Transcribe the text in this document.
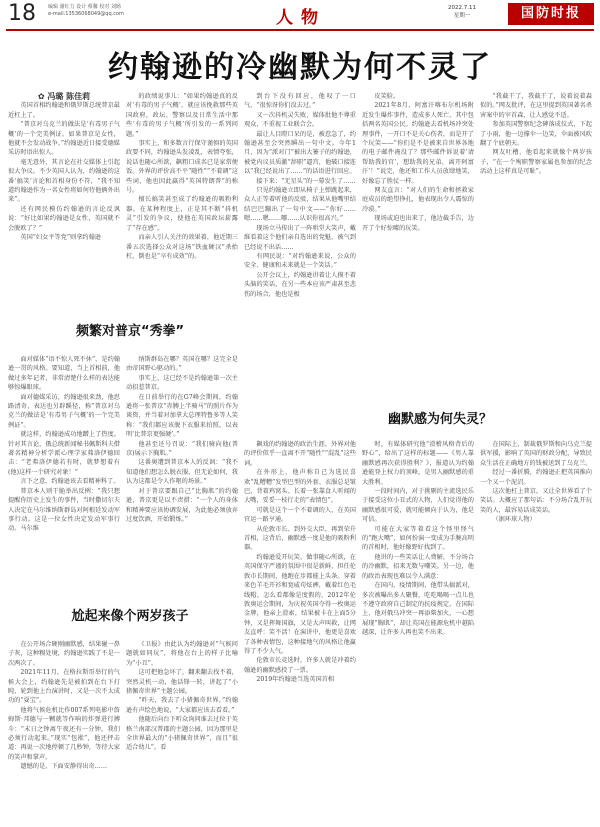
18 编辑 谢红力 设计 蔡馨 校对 刘旸
e-mail:13536068049@qq.com	人物	2022.7.11
星期一	国防时报
约翰逊的冷幽默为何不灵了

✿ 冯璐 陈佳莉

英国首相约翰逊和俄罗斯总统普京最近杠上了。

“普京对乌克兰的做法是‘有毒男子气概’的一个完美例证。如果普京是女性，他就不会发动战争。”约翰逊近日接受德媒采访时语出惊人。

毫无意外，其言论在社交媒体上引起很大争议。不少英国人认为，约翰逊的这番‘搞笑’言论和首相身份不符，“我不知道约翰逊作为一名女性将如何待他俩外出来”。

还有网民模仿约翰逊的言论反讽说：“好比如果约翰逊是女性，英国就不会脱欧了？”

英国“妇女平等党”则拿约翰逊

面对媒体“语不惊人死不休”，是约翰逊一贯的风格。要知道，当上首相前，他做过多年记者，非常清楚什么样的表达能够惊爆眼球。

面对德媒采访，约翰逊很来劲，他思路清奇，表达也另辟蹊径，称“普京对乌克兰的做法是‘有毒男子气概’的一个完美例证”。

就这样，约翰逊成功地蹭上了热度。针对其言论，俄总统新闻秘书佩斯科夫借著名精神分析学派心理学家弗洛伊德回击：“老弗洛伊德若有时，就梦想着有(他)这样一个研究对象！”

言下之意，约翰逊该去看精神科了。

普京本人则干脆举出反例：“我只想提醒你历史上发生的事件，当时撒切尔夫人决定在马尔维纳斯群岛对阿根廷发动军事行动。这是一位女性决定发动军事行动。马尔维

在公开场合硬刚幽默感，结果碰一鼻子灰，这种糗处境，约翰逊实践了不是一次两次了。

2021年11月，在格拉斯哥举行的气候大会上，约翰逊先是被拍到在台下打盹，轮到他上台演讲时，又是一次不太成功的“耍宝”。

他将气候危机比作007系列电影中詹姆斯·邦德与一颗就等作响的炸弹进行搏斗：“末日之钟离午夜还有一分钟，我们必须行动起来。”现实“包袱”，他还抨击道：再说一次地停顿了几秒钟，等待大家的笑声和掌声。

遗憾的是，下面安静得出奇……

的政绩说事儿：“如果约翰逊真的反对‘有毒的男子气概’，就应该挽救那些英国政府，政坛、警察以及日常生活中那些‘有毒的男子气概’所引发的一系列问题。”

事实上，和多数言行保守谨慎的英国政要不同，约翰逊头发凌乱，表情夸张，说话也随心所欲，飙粗口成名已是家常便饭。外界的评价高不平“随性”“不着调”这些词，他也因此赢得“英国特朗普”的称号。

擅长搞笑甚至成了约翰逊的吸粉利器。在某种程度上，正是其不断“抖机灵”引发的争议，使他在英国政坛崭露了“存在感”。

而亲人引人关注的效果着，他近期三番五次选择公众对这场“铁血硬汉”杀抬杠，倒也是“卒有成效”的。

纳斯群岛在哪？英国在哪？这完全是由帝国野心驱动的。”

事实上，这已经不是约翰逊第一次主动招惹普京。

在日前举行的在G7峰会期间，约翰逊将一张普京“赤膊上半骑马”的照片作为谈资，并当着对加拿大总理特鲁多等人笑称：“我们都应该脱下衣服来拍照，以表明‘比普京更强硬’。”

他甚至还号召说：“我们骑向他(普京)展示下胸肌。”

这番奥遭到普京本人的反讽：“我不知道他们想怎么脱衣服，但无论如何，我认为这都是令人作呕的场景。”

对于普京要跟自己“比胸肌”的约翰逊，普京更是以不责措：“一个人的身体和精神要应该协调发展，为此他必须放弃过度饮酒，开始锻炼。”

《卫报》由此认为约翰逊对“气候问题就如同玩”，将他在台上的样子比喻为“小丑”。

这可把他急坏了，翻来翻去找不着，突然灵机一动，他话锋一转，讲起了“小猪佩奇世界”主题公园。

“昨天，我去了小猪佩奇世界，”约翰逊有声绘色地说，“大家都应该去看看。”

他随后向台下听众询问谁去过位于英格兰南部汉普郡的主题公园，因为那里是全世界最大的“小猪佩奇世界”，而且“很适合幼儿”。看

到台下没有回应，他叹了一口气，“很惊讶你们没去过。”

又一次抖机灵失败，媒体批他不尊重观众，不重视工业联合会。

最让人目瞪口呆的是，被惹急了，约翰逊甚至会突然瞬出一句中文。今年1月，因为“派对门”被出大篓子的约翰逊，被党内议员质激“辞职”逼宫，他破口接连以“我已经说出了……”的话语进行回应。

接下来：“无星头”的一幕发生了……

只见约翰逊立即从椅子上弹跳起来，众人正等着听他的反驳，结果从他嘴里结结巴巴蹦出了一句中文——“你好……嗯……嗯……哪……认识你很高兴。”

现场立马传出了一阵哄堂大笑声，戴维看着这个他们亲自选出的党魁，被气到已经说不出话……

有网民说：“对约翰逊来说，公众的安全、健康和未来就是一个笑话。”

公开会议上，约翰逊讲着让人摸不着头脑的笑话，在另一些本应该严肃甚至悲伤的场合，他也是极

飙戏的约翰逊的政治生涯，外界对他的评价似乎一直离不开“随性”“混乱”这些词。

在外形上，他声称自己为选民喜欢“乱糟糟”发型巴型的外套、衣服总是皱巴，背着鸡窝头、长着一张靠食人听闻的大嘴，妥妥一枝行走的“表情包”。

可就是这个一个不着调的人，在英国官运一路亨通。

从伦敦市长、到外交大臣，再到荣升首相，这背后，幽默感一度是他的吸粉利器。

约翰逊爱开玩笑、做事随心所欲，在英国保守严谨的氛围中很是新鲜，担任伦敦市长期间，他跑在步都能上头条。穿着来色羊毛开衫和宽威苟炫裤，戴着红色毛线帽，怎么看都像是度假的，2012年伦敦奥运会期间，为庆祝英国夺得一枚奥运金牌，他亲上滑索，结果被卡在上面5分钟，又是挥舞国旗，又是大声叫救，让网友直呼：笑不活！在演讲中，他更是喜欢了各种表情包，这种接地气的风格让他赢得了不少人气。

伦敦市长竞选时，许多人就是冲着约翰逊的幽默感投了一票。

2019年约翰逊当选英国首相

皮笑脸。

2021年8月，阿富汗喀布尔机场附近发生爆炸事件，造成多人死亡，其中包括两名英国公民。约翰逊去看机场冲突处理事件，一开口不是关心伤者，而是开了个玩笑——“你们是不是被来自世界各地的电子邮件淹没了？那些邮件诉说着‘请帮助我的宫’，想助我的兄弟，离开阿富汗’！”说完，他还和工作人员放肆地笑，好像忘了胜仗一样。

网友直言：“对人们的生命和拯救家庭成员的绝望挣扎，他表现出令人震惊的冷漠。”

现场或迫也出来了，他边截手告，边开了个好惊噱的玩笑。

时，有媒体研究他“滑稽风格背后的野心”，给出了这样的标题——《男人靠幽默感再次获得胜利？》，报道认为约翰逊能登上权力的顶峰，是男人幽默感的重大胜利。

一段时间内，对于挑剔的主流选民乐于接受这位小丑式的人物，人们觉得他的幽默感很可爱，就可能倾向于认为，他是可信。

可能在大家等着看这个怪里怪气的“跑大嘴”，如何扮演一变成为手腕高明的首相时，他好像野好找到了。

他讲的一些笑话让人费解，不分场合的冷幽默，招来无数与嘲笑。另一边，他的政治表现也难以令人满意：

在国内，疫情期间，他带头搞派对，多次被曝出多人聚餐，吃吃喝喝一点儿也不遵守政府自己制定的抗疫规定，在国际上，他对俄乌冲突一再添柴加火，一心想展现“胸肌”，却让英国在能源危机中越陷越深，让许多人再也笑不出来。

“我截干了，我截干了，说着说着森似的。”网友批评，在这里提到英国著名杀害案中的宰首森，让人感觉不适。

参加英国警察纪念碑落成仪式，下起了小雨，他一边撑伞一边笑，伞面被风吹翻了个底朝天。

网友吐槽，他看起来就像个两岁孩子，“在一个殉职警察家属也参加的纪念活动上这样真是可耻”。

在国际上，制裁俄罗斯和向乌克兰提供军援，影响了英国的财政分配，导致民众生活在正确地方的钱被送到了乌克兰。

经过一番折腾，约翰逊正把英国推向一个又一个泥沼。

这次他杠上普京，又让全世界看了个笑话。大概应了那句话：不分场合乱开玩笑的人，最容易话成笑话。

（据环球人物）

频繁对普京“秀拳”
尬起来像个两岁孩子
幽默感为何失灵？
